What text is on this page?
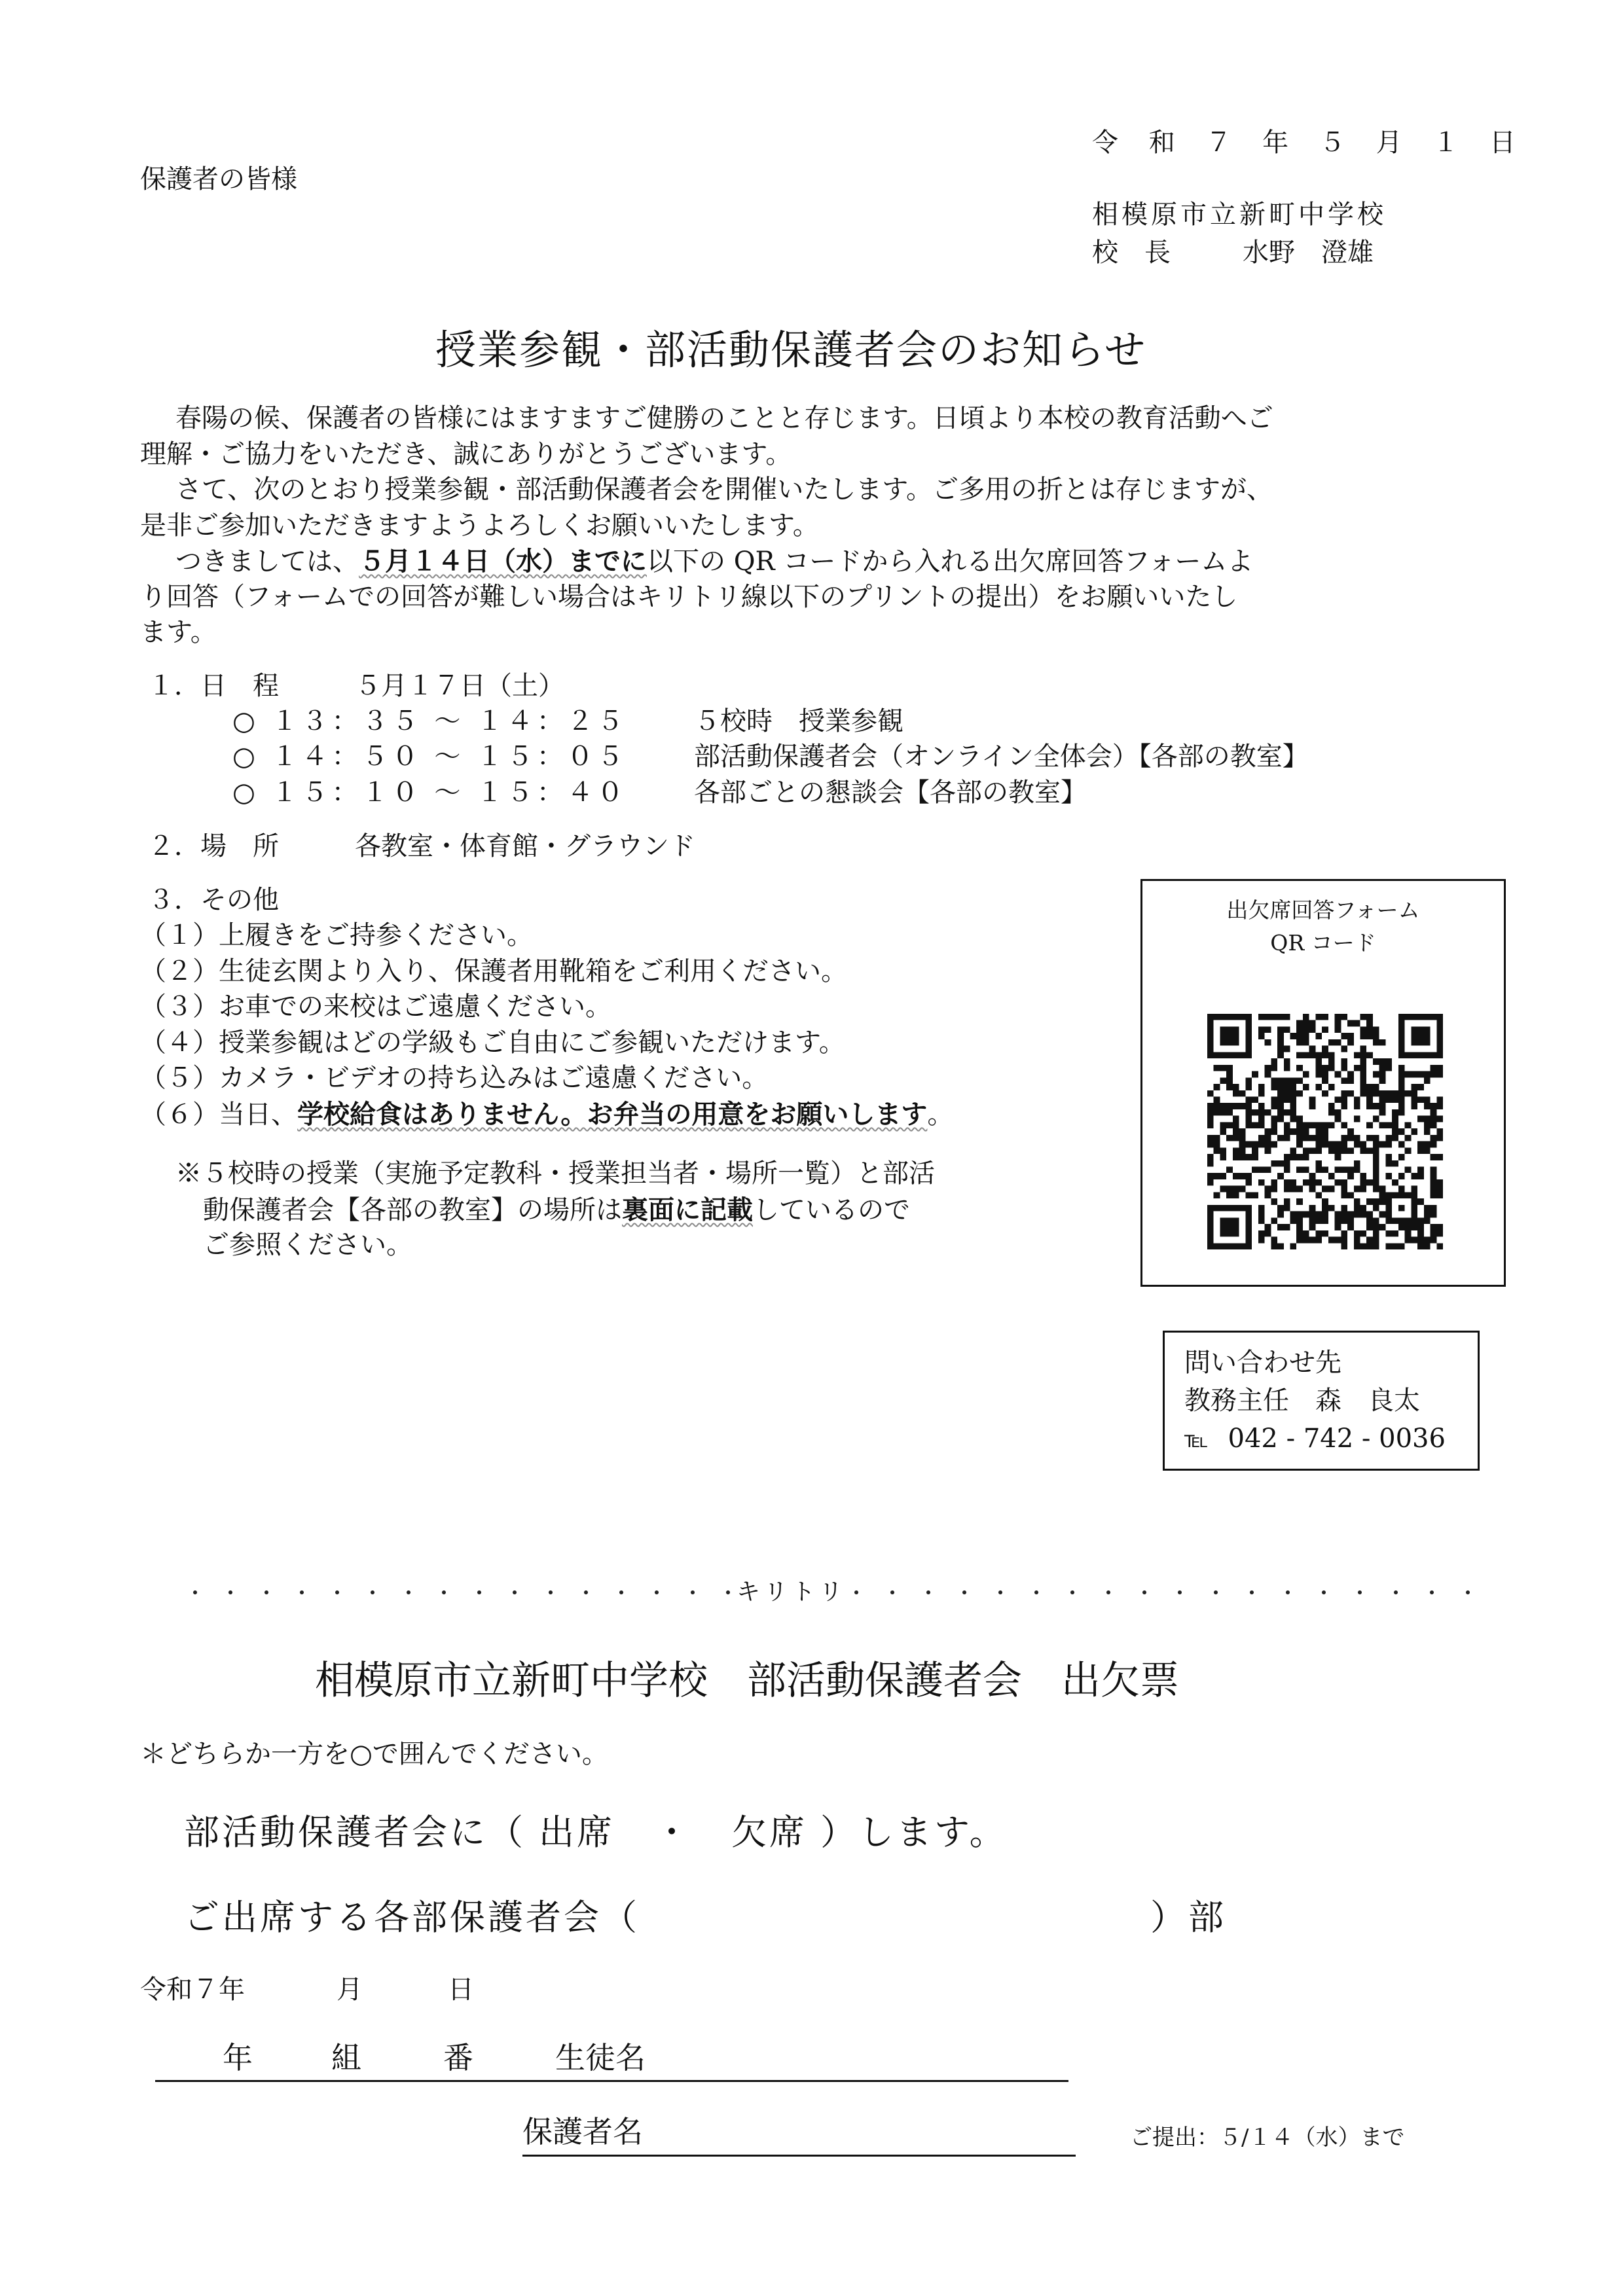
令 和 ７ 年 ５ 月 １ 日
保護者の皆様
相模原市立新町中学校
校　長	水野　澄雄
授業参観・部活動保護者会のお知らせ
春陽の候、保護者の皆様にはますますご健勝のことと存じます。日頃より本校の教育活動へご
理解・ご協力をいただき、誠にありがとうございます。
さて、次のとおり授業参観・部活動保護者会を開催いたします。ご多用の折とは存じますが、
是非ご参加いただきますようよろしくお願いいたします。
つきましては、５月１４日（水）までに以下の QR コードから入れる出欠席回答フォームよ
り回答（フォームでの回答が難しい場合はキリトリ線以下のプリントの提出）をお願いいたし
ます。
１．日　程	５月１７日（土）
○ １３：３５ ～ １４：２５	５校時　授業参観
○ １４：５０ ～ １５：０５	部活動保護者会（オンライン全体会）【各部の教室】
○ １５：１０ ～ １５：４０	各部ごとの懇談会【各部の教室】
２．場　所	各教室・体育館・グラウンド
３．その他
（１）上履きをご持参ください。
（２）生徒玄関より入り、保護者用靴箱をご利用ください。
（３）お車での来校はご遠慮ください。
（４）授業参観はどの学級もご自由にご参観いただけます。
（５）カメラ・ビデオの持ち込みはご遠慮ください。
（６）当日、学校給食はありません。お弁当の用意をお願いします。
※５校時の授業（実施予定教科・授業担当者・場所一覧）と部活
動保護者会【各部の教室】の場所は裏面に記載しているので
ご参照ください。
出欠席回答フォーム
QR コード
問い合わせ先
教務主任　森　良太
℡ 042 - 742 - 0036
キリトリ
相模原市立新町中学校　部活動保護者会　出欠票
＊どちらか一方を○で囲んでください。
部活動保護者会に（ 出席 ・ 欠席 ）します。
ご出席する各部保護者会（	）部
令和７年	月	日
年	組	番	生徒名
保護者名	ご提出：５/１４（水）まで
